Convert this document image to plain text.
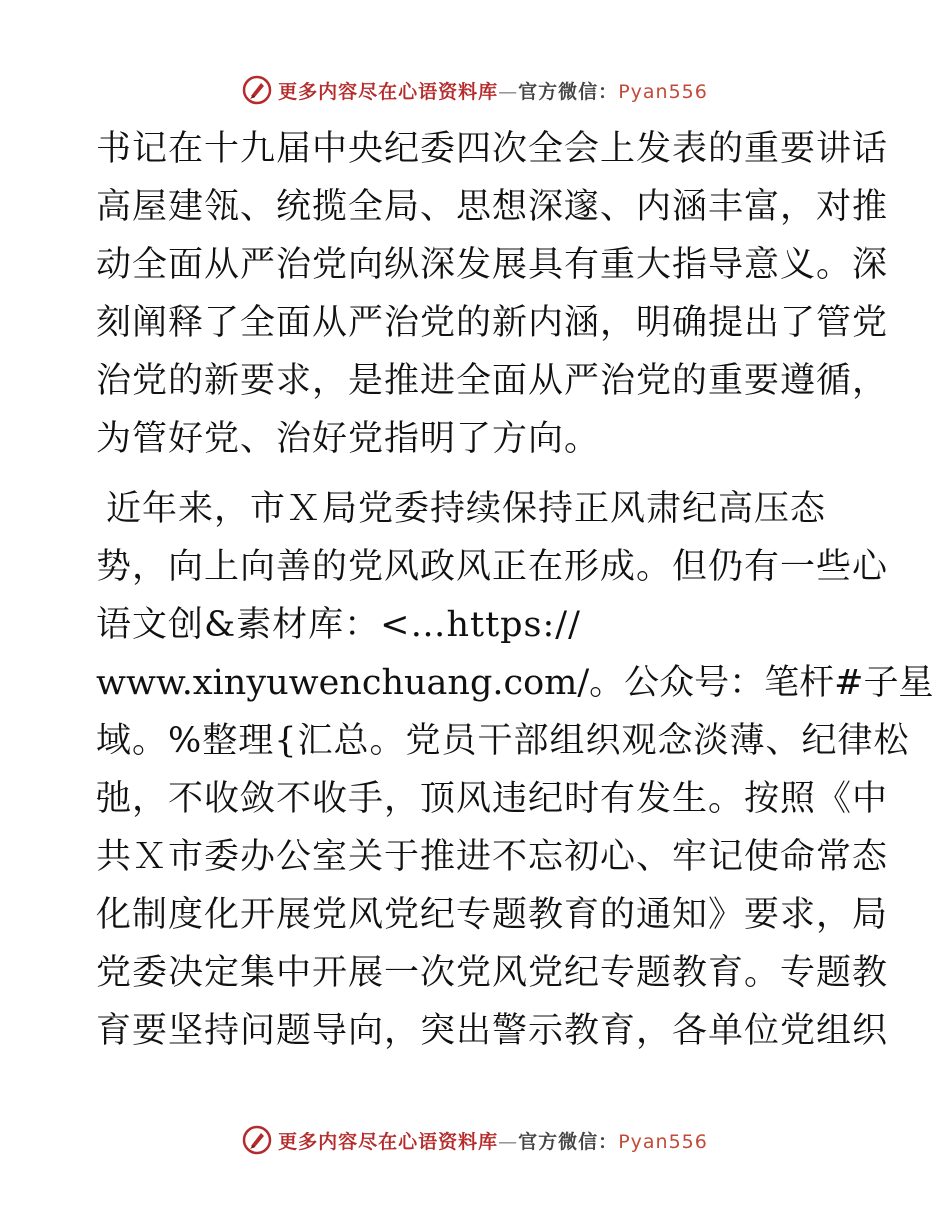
更多内容尽在心语资料库—官方微信：Pyan556
书记在十九届中央纪委四次全会上发表的重要讲话
高屋建瓴、统揽全局、思想深邃、内涵丰富，对推
动全面从严治党向纵深发展具有重大指导意义。深
刻阐释了全面从严治党的新内涵，明确提出了管党
治党的新要求，是推进全面从严治党的重要遵循，
为管好党、治好党指明了方向。
近年来，市Ｘ局党委持续保持正风肃纪高压态
势，向上向善的党风政风正在形成。但仍有一些心
语文创&素材库：<…https://
www.xinyuwenchuang.com/。公众号：笔杆#子星
域。%整理{汇总。党员干部组织观念淡薄、纪律松
弛，不收敛不收手，顶风违纪时有发生。按照《中
共Ｘ市委办公室关于推进不忘初心、牢记使命常态
化制度化开展党风党纪专题教育的通知》要求，局
党委决定集中开展一次党风党纪专题教育。专题教
育要坚持问题导向，突出警示教育，各单位党组织
更多内容尽在心语资料库—官方微信：Pyan556
